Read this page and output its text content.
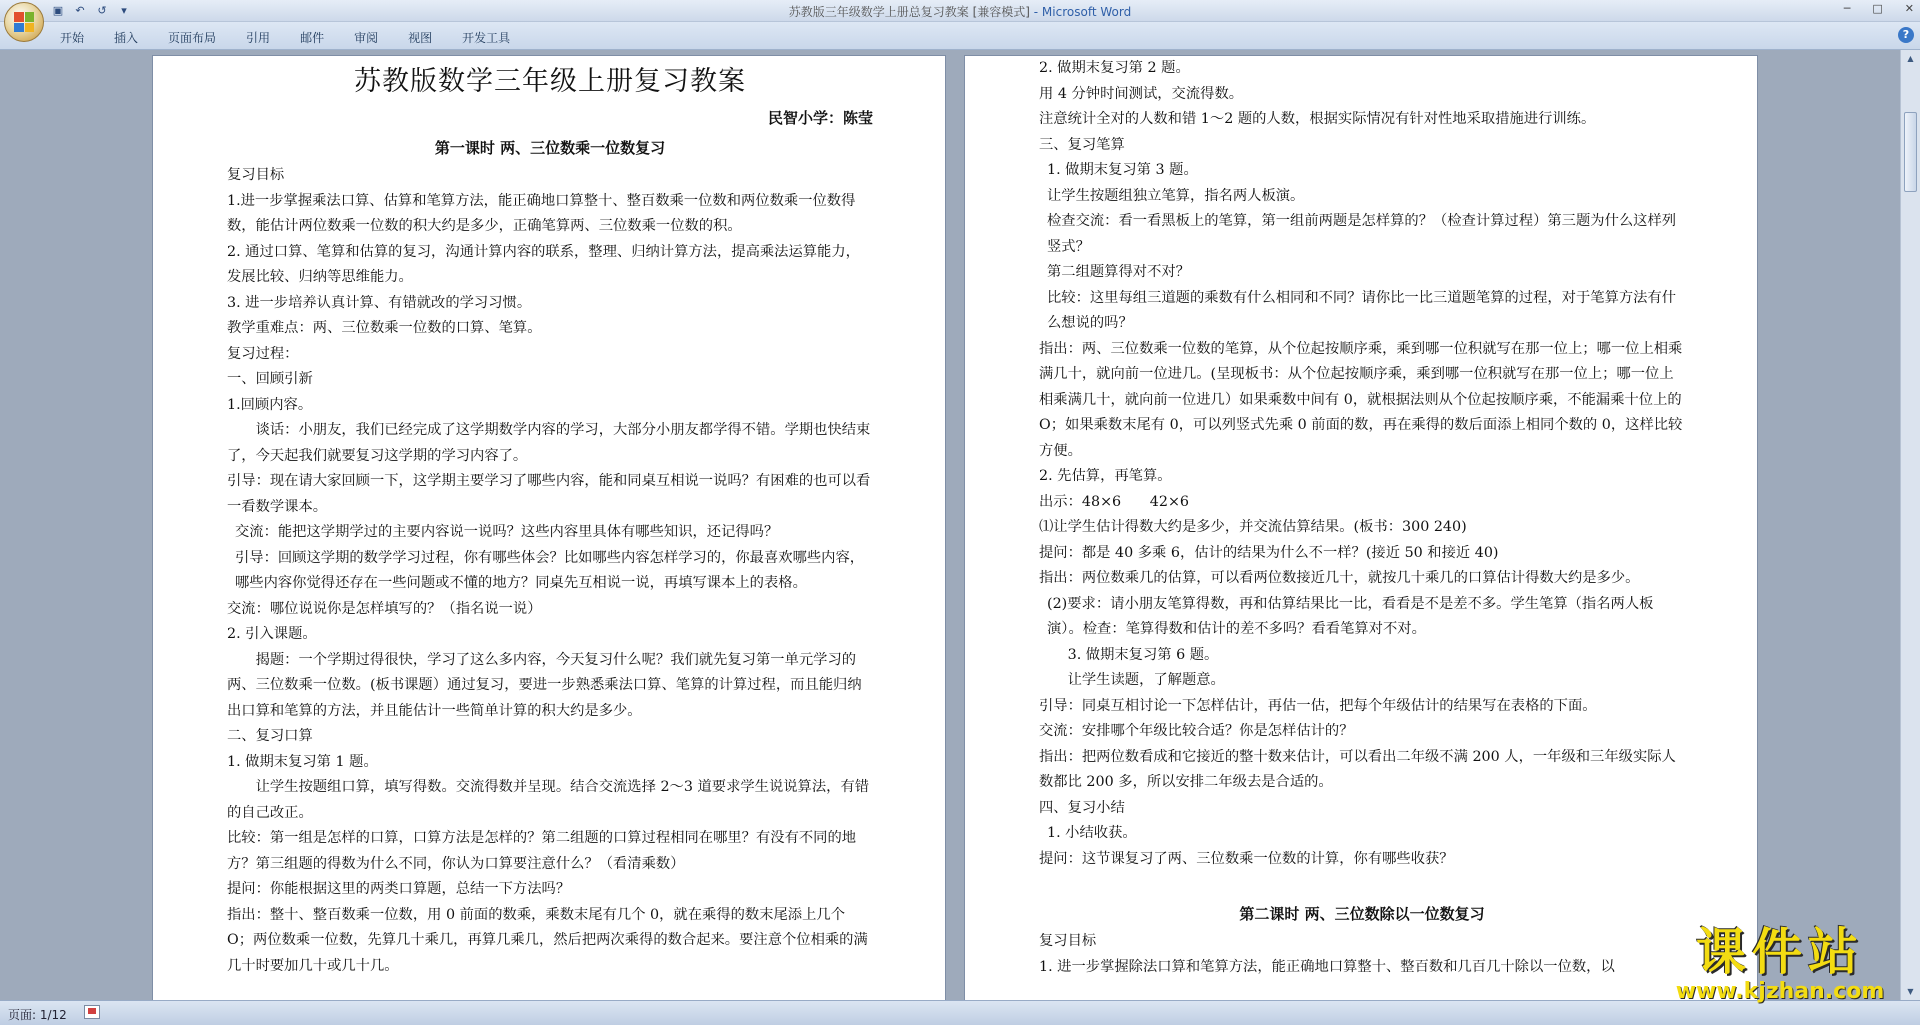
▣	↶	↺	▾	苏教版三年级数学上册总复习教案 [兼容模式] - Microsoft Word	─ □ ✕
开始	插入	页面布局	引用	邮件	审阅	视图	开发工具	?
苏教版数学三年级上册复习教案
民智小学：陈莹
第一课时 两、三位数乘一位数复习
复习目标
1.进一步掌握乘法口算、估算和笔算方法，能正确地口算整十、整百数乘一位数和两位数乘一位数得数，能估计两位数乘一位数的积大约是多少，正确笔算两、三位数乘一位数的积。
2. 通过口算、笔算和估算的复习，沟通计算内容的联系，整理、归纳计算方法，提高乘法运算能力，发展比较、归纳等思维能力。
3. 进一步培养认真计算、有错就改的学习习惯。
教学重难点：两、三位数乘一位数的口算、笔算。
复习过程：
一、回顾引新
1.回顾内容。
谈话：小朋友，我们已经完成了这学期数学内容的学习，大部分小朋友都学得不错。学期也快结束了，今天起我们就要复习这学期的学习内容了。
引导：现在请大家回顾一下，这学期主要学习了哪些内容，能和同桌互相说一说吗？有困难的也可以看一看数学课本。
交流：能把这学期学过的主要内容说一说吗？这些内容里具体有哪些知识，还记得吗？
引导：回顾这学期的数学学习过程，你有哪些体会？比如哪些内容怎样学习的，你最喜欢哪些内容，哪些内容你觉得还存在一些问题或不懂的地方？同桌先互相说一说，再填写课本上的表格。
交流：哪位说说你是怎样填写的？（指名说一说）
2. 引入课题。
揭题：一个学期过得很快，学习了这么多内容，今天复习什么呢？我们就先复习第一单元学习的两、三位数乘一位数。(板书课题）通过复习，要进一步熟悉乘法口算、笔算的计算过程，而且能归纳出口算和笔算的方法，并且能估计一些简单计算的积大约是多少。
二、复习口算
1. 做期末复习第 1 题。
让学生按题组口算，填写得数。交流得数并呈现。结合交流选择 2～3 道要求学生说说算法，有错的自己改正。
比较：第一组是怎样的口算，口算方法是怎样的？第二组题的口算过程相同在哪里？有没有不同的地方？第三组题的得数为什么不同，你认为口算要注意什么？（看清乘数）
提问：你能根据这里的两类口算题，总结一下方法吗？
指出：整十、整百数乘一位数，用 0 前面的数乘，乘数末尾有几个 0，就在乘得的数末尾添上几个 O；两位数乘一位数，先算几十乘几，再算几乘几，然后把两次乘得的数合起来。要注意个位相乘的满几十时要加几十或几十几。
2. 做期末复习第 2 题。
用 4 分钟时间测试，交流得数。
注意统计全对的人数和错 1～2 题的人数，根据实际情况有针对性地采取措施进行训练。
三、复习笔算
1. 做期末复习第 3 题。
让学生按题组独立笔算，指名两人板演。
检查交流：看一看黑板上的笔算，第一组前两题是怎样算的？（检查计算过程）第三题为什么这样列竖式？
第二组题算得对不对？
比较：这里每组三道题的乘数有什么相同和不同？请你比一比三道题笔算的过程，对于笔算方法有什么想说的吗？
指出：两、三位数乘一位数的笔算，从个位起按顺序乘，乘到哪一位积就写在那一位上；哪一位上相乘满几十，就向前一位进几。(呈现板书：从个位起按顺序乘，乘到哪一位积就写在那一位上；哪一位上相乘满几十，就向前一位进几）如果乘数中间有 0，就根据法则从个位起按顺序乘，不能漏乘十位上的 O；如果乘数末尾有 0，可以列竖式先乘 0 前面的数，再在乘得的数后面添上相同个数的 0，这样比较方便。
2. 先估算，再笔算。
出示：48×6　　42×6
⑴让学生估计得数大约是多少，并交流估算结果。(板书：300 240)
提问：都是 40 多乘 6，估计的结果为什么不一样？(接近 50 和接近 40)
指出：两位数乘几的估算，可以看两位数接近几十，就按几十乘几的口算估计得数大约是多少。
(2)要求：请小朋友笔算得数，再和估算结果比一比，看看是不是差不多。学生笔算（指名两人板演）。检查：笔算得数和估计的差不多吗？看看笔算对不对。
3. 做期末复习第 6 题。
让学生读题，了解题意。
引导：同桌互相讨论一下怎样估计，再估一估，把每个年级估计的结果写在表格的下面。
交流：安排哪个年级比较合适？你是怎样估计的？
指出：把两位数看成和它接近的整十数来估计，可以看出二年级不满 200 人，一年级和三年级实际人数都比 200 多，所以安排二年级去是合适的。
四、复习小结
1. 小结收获。
提问：这节课复习了两、三位数乘一位数的计算，你有哪些收获？

第二课时 两、三位数除以一位数复习
复习目标
1. 进一步掌握除法口算和笔算方法，能正确地口算整十、整百数和几百几十除以一位数，以
▲
▼
页面: 1/12
课件站
www.kjzhan.com
